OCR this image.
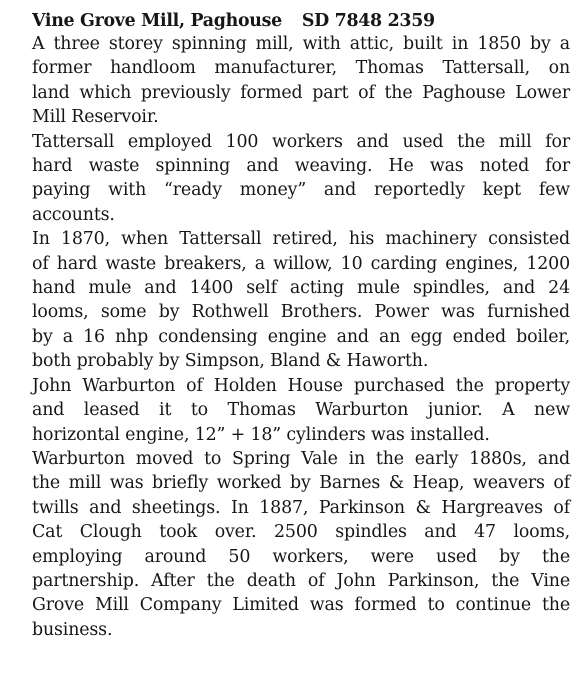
Vine Grove Mill, Paghouse SD 7848 2359

A three storey spinning mill, with attic, built in 1850 by a
former handloom manufacturer, Thomas Tattersall, on
land which previously formed part of the Paghouse Lower
Mill Reservoir.

Tattersall employed 100 workers and used the mill for
hard waste spinning and weaving. He was noted for
paying with “ready money” and reportedly kept few
accounts.

In 1870, when Tattersall retired, his machinery consisted
of hard waste breakers, a willow, 10 carding engines, 1200
hand mule and 1400 self acting mule spindles, and 24
looms, some by Rothwell Brothers. Power was furnished
by a 16 nhp condensing engine and an egg ended boiler,
both probably by Simpson, Bland & Haworth.

John Warburton of Holden House purchased the property
and leased it to Thomas Warburton junior. A new
horizontal engine, 12” + 18” cylinders was installed.

Warburton moved to Spring Vale in the early 1880s, and
the mill was briefly worked by Barnes & Heap, weavers of
twills and sheetings. In 1887, Parkinson & Hargreaves of
Cat Clough took over. 2500 spindles and 47 looms,
employing around 50 workers, were used by the
partnership. After the death of John Parkinson, the Vine
Grove Mill Company Limited was formed to continue the
business.
